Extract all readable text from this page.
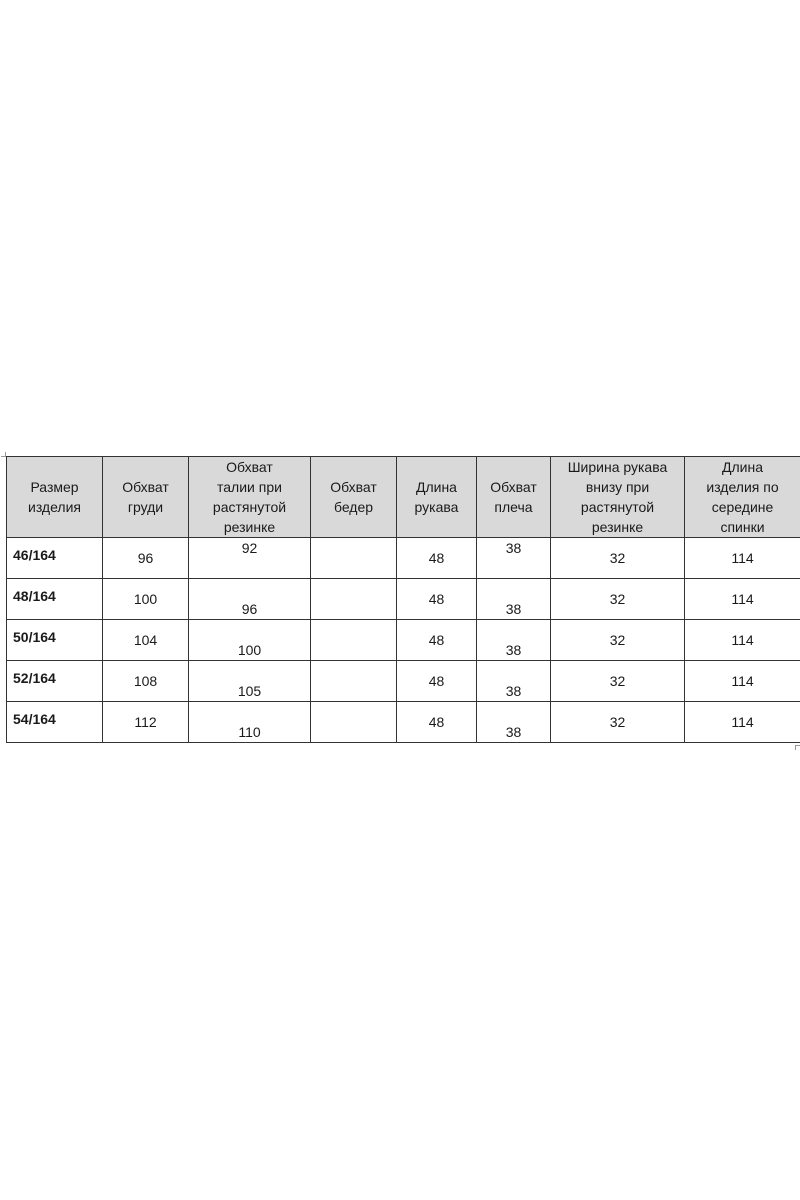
Размер
изделия	Обхват
груди	Обхват
талии при
растянутой
резинке	Обхват
бедер	Длина
рукава	Обхват
плеча	Ширина рукава
внизу при
растянутой
резинке	Длина
изделия по
середине
спинки
46/164	96	92		48	38	32	114

48/164	100	96		48	38	32	114

50/164	104	100		48	38	32	114

52/164	108	105		48	38	32	114

54/164	112	110		48	38	32	114
